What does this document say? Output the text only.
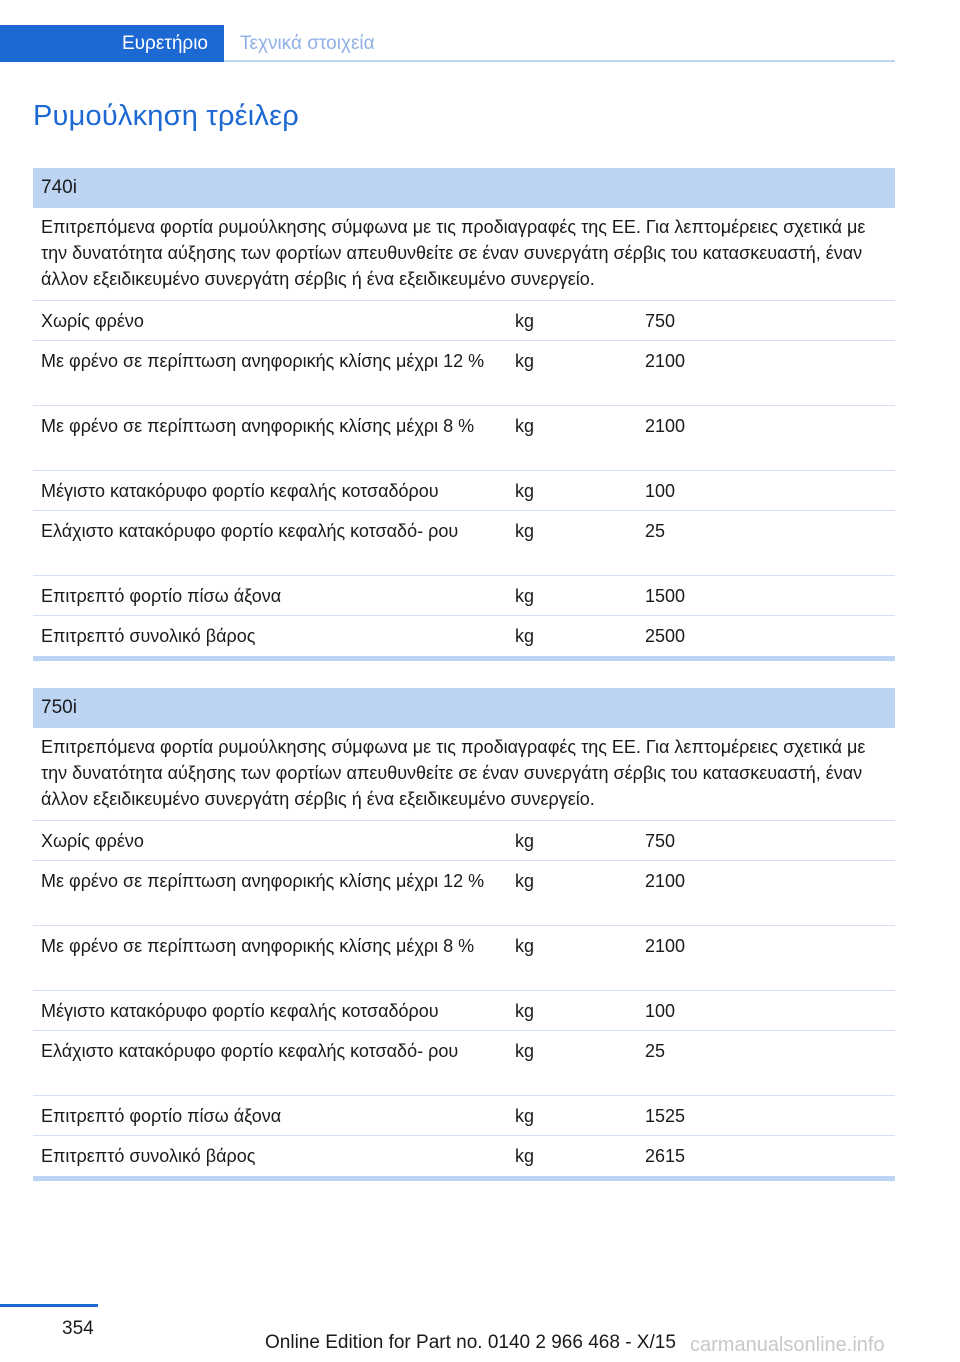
Ευρετήριο	Τεχνικά στοιχεία
Ρυμούλκηση τρέιλερ
740i
Επιτρεπόμενα φορτία ρυμούλκησης σύμφωνα με τις προδιαγραφές της ΕΕ. Για λεπτομέρειες σχετικά με την δυνατότητα αύξησης των φορτίων απευθυνθείτε σε έναν συνεργάτη σέρβις του κατασκευαστή, έναν άλλον εξειδικευμένο συνεργάτη σέρβις ή ένα εξειδικευμένο συνεργείο.
Χωρίς φρένο	kg	750
Με φρένο σε περίπτωση ανηφορικής κλίσης μέχρι 12 %	kg	2100
Με φρένο σε περίπτωση ανηφορικής κλίσης μέχρι 8 %	kg	2100
Μέγιστο κατακόρυφο φορτίο κεφαλής κοτσαδόρου	kg	100
Ελάχιστο κατακόρυφο φορτίο κεφαλής κοτσαδό‐ ρου	kg	25
Επιτρεπτό φορτίο πίσω άξονα	kg	1500
Επιτρεπτό συνολικό βάρος	kg	2500
750i
Επιτρεπόμενα φορτία ρυμούλκησης σύμφωνα με τις προδιαγραφές της ΕΕ. Για λεπτομέρειες σχετικά με την δυνατότητα αύξησης των φορτίων απευθυνθείτε σε έναν συνεργάτη σέρβις του κατασκευαστή, έναν άλλον εξειδικευμένο συνεργάτη σέρβις ή ένα εξειδικευμένο συνεργείο.
Χωρίς φρένο	kg	750
Με φρένο σε περίπτωση ανηφορικής κλίσης μέχρι 12 %	kg	2100
Με φρένο σε περίπτωση ανηφορικής κλίσης μέχρι 8 %	kg	2100
Μέγιστο κατακόρυφο φορτίο κεφαλής κοτσαδόρου	kg	100
Ελάχιστο κατακόρυφο φορτίο κεφαλής κοτσαδό‐ ρου	kg	25
Επιτρεπτό φορτίο πίσω άξονα	kg	1525
Επιτρεπτό συνολικό βάρος	kg	2615
354
Online Edition for Part no. 0140 2 966 468 - X/15 carmanualsonline.info
